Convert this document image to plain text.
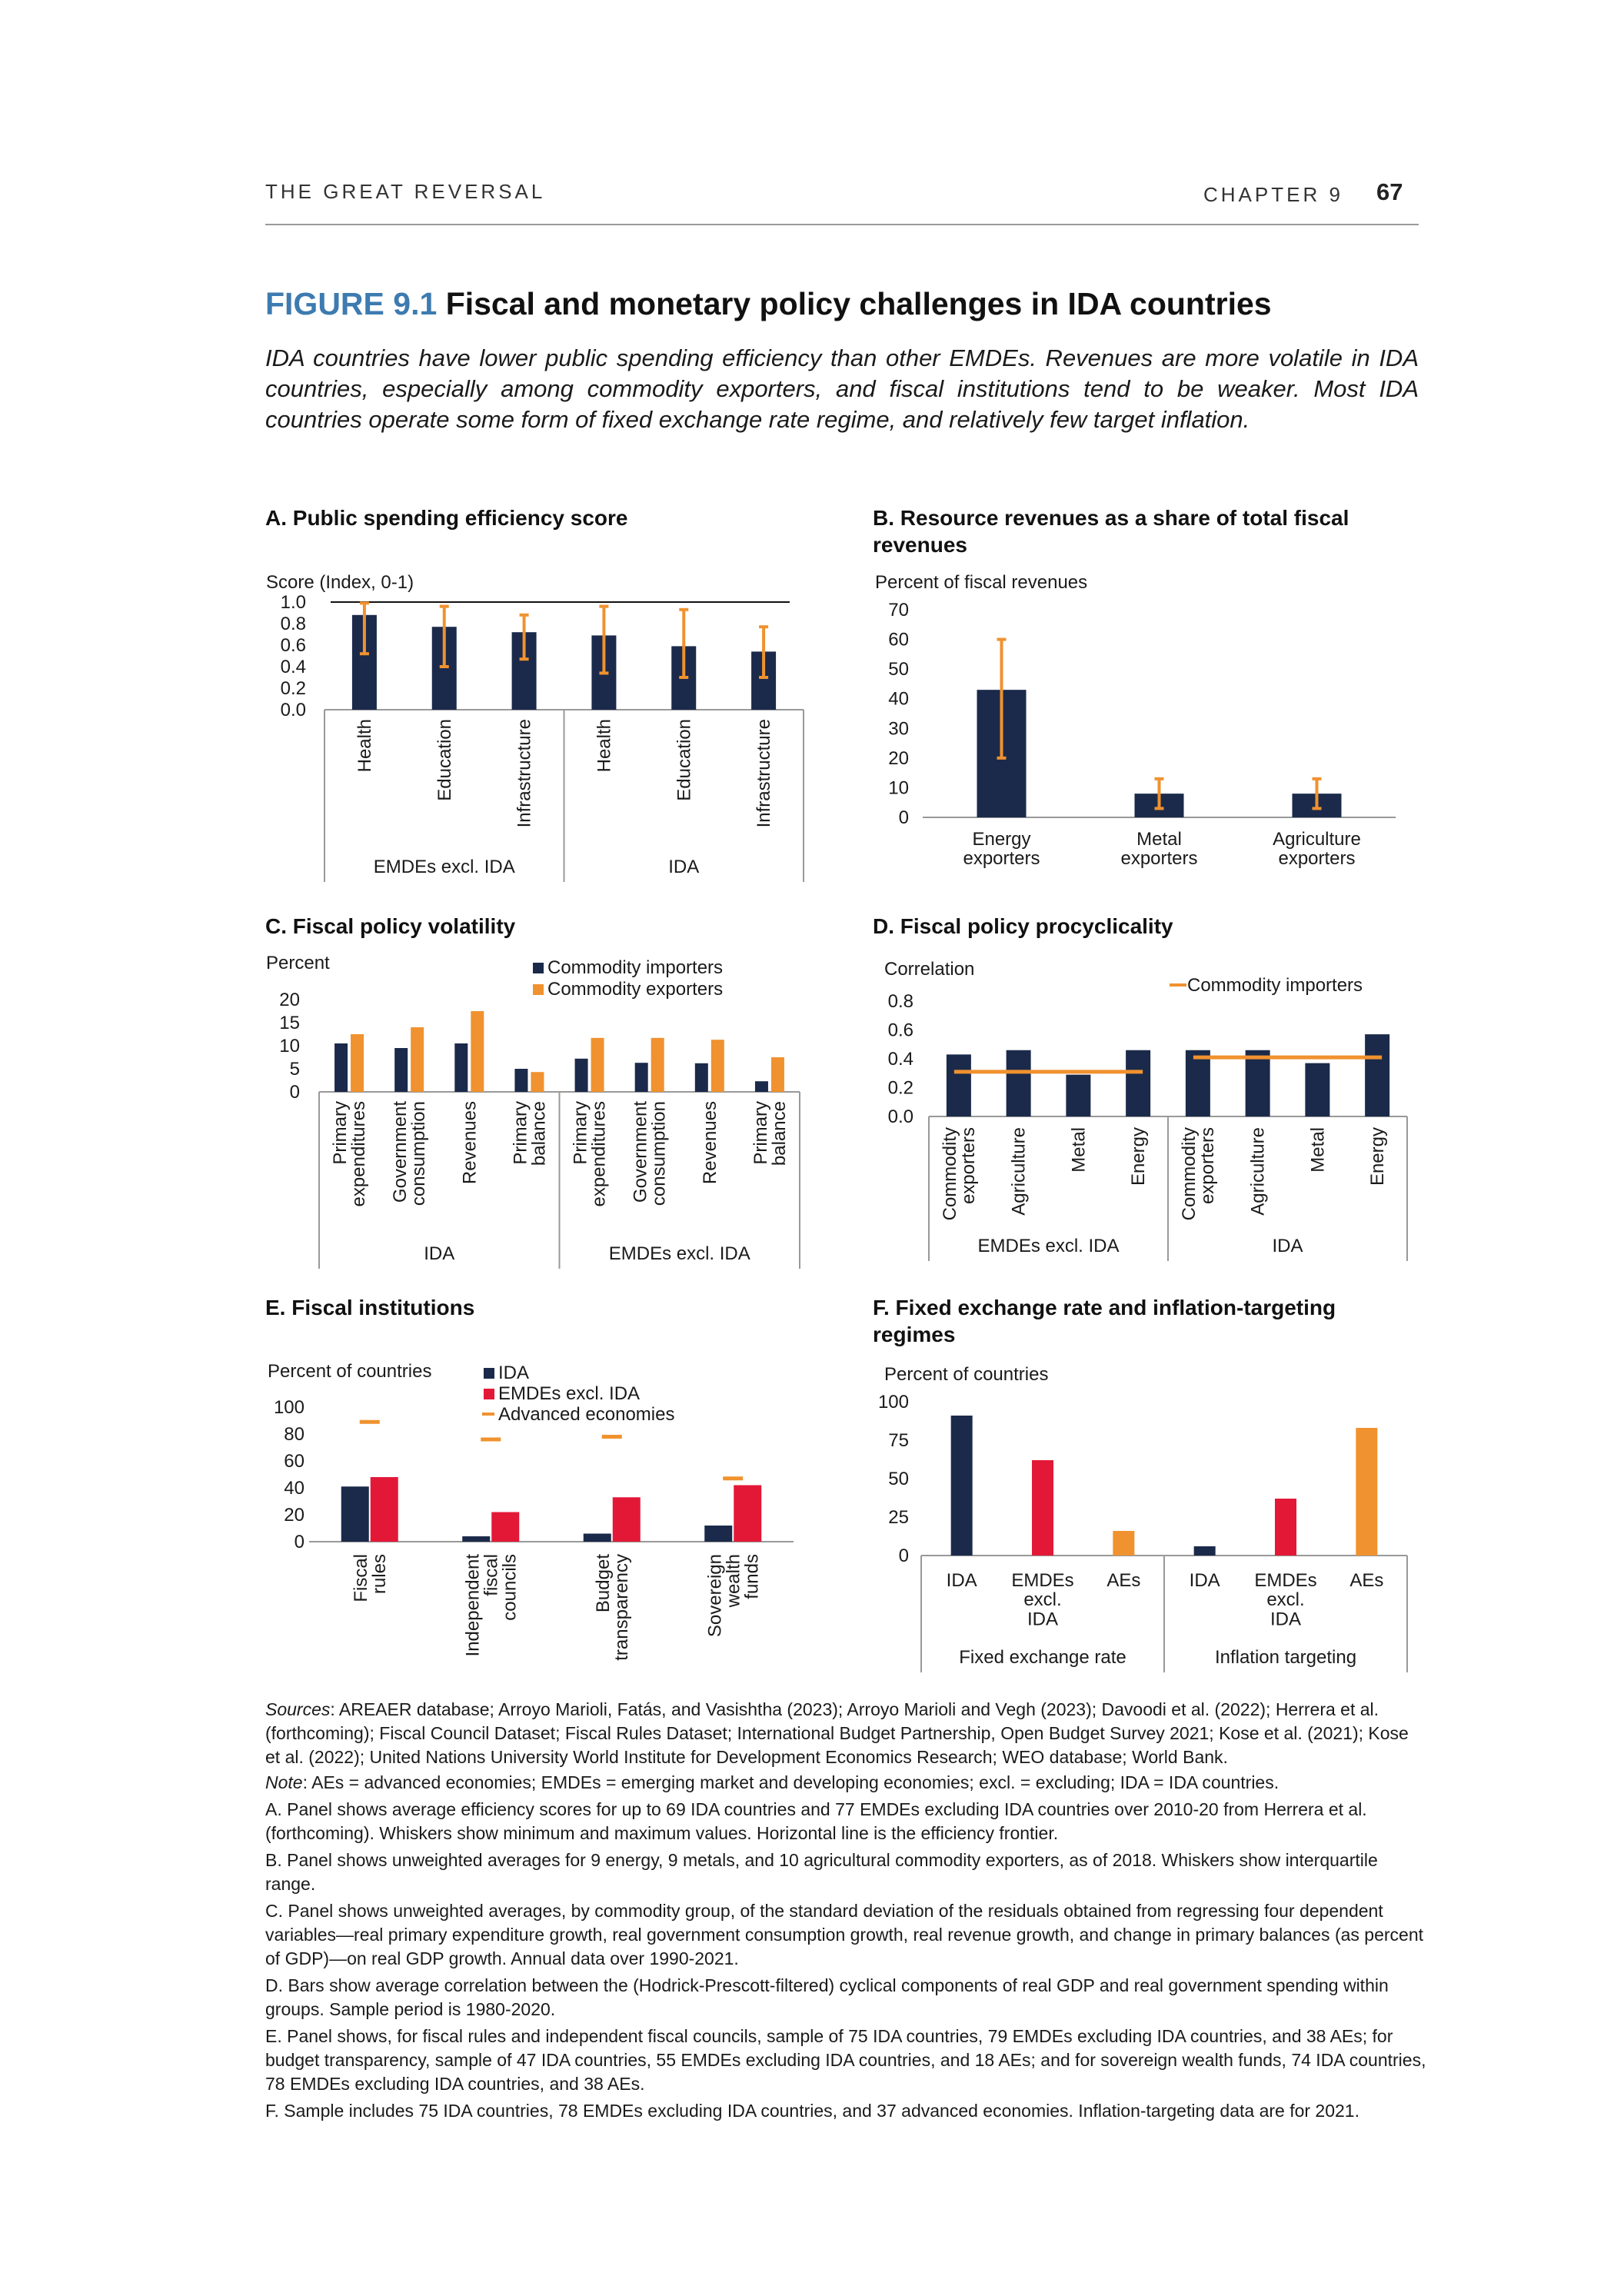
THE GREAT REVERSAL	CHAPTER 9 67
FIGURE 9.1 Fiscal and monetary policy challenges in IDA countries
IDA countries have lower public spending efficiency than other EMDEs. Revenues are more volatile in IDA countries, especially among commodity exporters, and fiscal institutions tend to be weaker. Most IDA countries operate some form of fixed exchange rate regime, and relatively few target inflation.
A. Public spending efficiency score	B. Resource revenues as a share of total fiscal revenues
C. Fiscal policy volatility	D. Fiscal policy procyclicality
E. Fiscal institutions	F. Fixed exchange rate and inflation-targeting regimes
Score (Index, 0-1)
1.0
0.8
0.6
0.4
0.2
0.0
Health	Education	Infrastructure	Health	Education	Infrastructure
EMDEs excl. IDA	IDA
Percent of fiscal revenues
70
60
50
40
30
20
10
0
Energy exporters
Metal exporters
Agriculture exporters
Percent
20
15
10
5
0
Commodity importers
Commodity exporters
Primary
expenditures Government
consumption Revenues Primary
balance Primary
expenditures Government
consumption Revenues Primary
balance
IDA	EMDEs excl. IDA
Correlation
0.8
0.6
0.4
0.2
0.0
Commodity importers
Commodity
exporters Agriculture Metal Energy Commodity
exporters Agriculture Metal Energy
EMDEs excl. IDA	IDA
Percent of countries
100
80
60
40
20
0
IDA
EMDEs excl. IDA
Advanced economies
Fiscal
rules	Independent
fiscal
councils	Budget
transparency	Sovereign
wealth
funds
Percent of countries
100
75
50
25
0
IDA EMDEs excl. IDA
AEs	IDA EMDEs excl. IDA
AEs
Fixed exchange rate	Inflation targeting

Sources: AREAER database; Arroyo Marioli, Fatás, and Vasishtha (2023); Arroyo Marioli and Vegh (2023); Davoodi et al. (2022); Herrera et al. (forthcoming); Fiscal Council Dataset; Fiscal Rules Dataset; International Budget Partnership, Open Budget Survey 2021; Kose et al. (2021); Kose et al. (2022); United Nations University World Institute for Development Economics Research; WEO database; World Bank.

Note: AEs = advanced economies; EMDEs = emerging market and developing economies; excl. = excluding; IDA = IDA countries.

A. Panel shows average efficiency scores for up to 69 IDA countries and 77 EMDEs excluding IDA countries over 2010-20 from Herrera et al. (forthcoming). Whiskers show minimum and maximum values. Horizontal line is the efficiency frontier.

B. Panel shows unweighted averages for 9 energy, 9 metals, and 10 agricultural commodity exporters, as of 2018. Whiskers show interquartile range.

C. Panel shows unweighted averages, by commodity group, of the standard deviation of the residuals obtained from regressing four dependent variables—real primary expenditure growth, real government consumption growth, real revenue growth, and change in primary balances (as percent of GDP)—on real GDP growth. Annual data over 1990-2021.

D. Bars show average correlation between the (Hodrick-Prescott-filtered) cyclical components of real GDP and real government spending within groups. Sample period is 1980-2020.

E. Panel shows, for fiscal rules and independent fiscal councils, sample of 75 IDA countries, 79 EMDEs excluding IDA countries, and 38 AEs; for budget transparency, sample of 47 IDA countries, 55 EMDEs excluding IDA countries, and 18 AEs; and for sovereign wealth funds, 74 IDA countries, 78 EMDEs excluding IDA countries, and 38 AEs.

F. Sample includes 75 IDA countries, 78 EMDEs excluding IDA countries, and 37 advanced economies. Inflation-targeting data are for 2021.
